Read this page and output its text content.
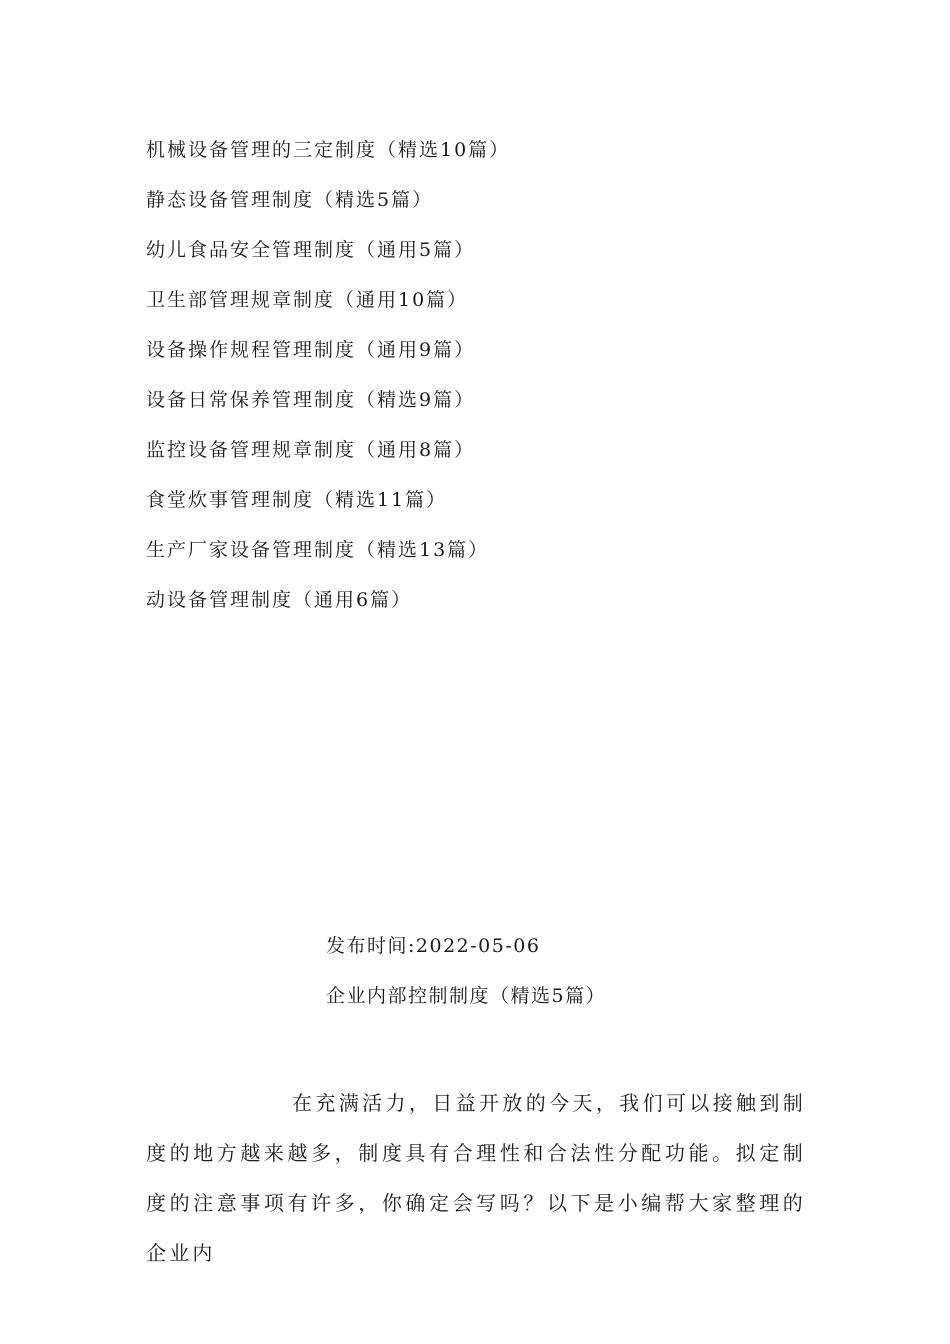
机械设备管理的三定制度（精选10篇）
静态设备管理制度（精选5篇）
幼儿食品安全管理制度（通用5篇）
卫生部管理规章制度（通用10篇）
设备操作规程管理制度（通用9篇）
设备日常保养管理制度（精选9篇）
监控设备管理规章制度（通用8篇）
食堂炊事管理制度（精选11篇）
生产厂家设备管理制度（精选13篇）
动设备管理制度（通用6篇）
发布时间:2022-05-06
企业内部控制制度（精选5篇）

在充满活力，日益开放的今天，我们可以接触到制度的地方越来越多，制度具有合理性和合法性分配功能。拟定制度的注意事项有许多，你确定会写吗？以下是小编帮大家整理的企业内
